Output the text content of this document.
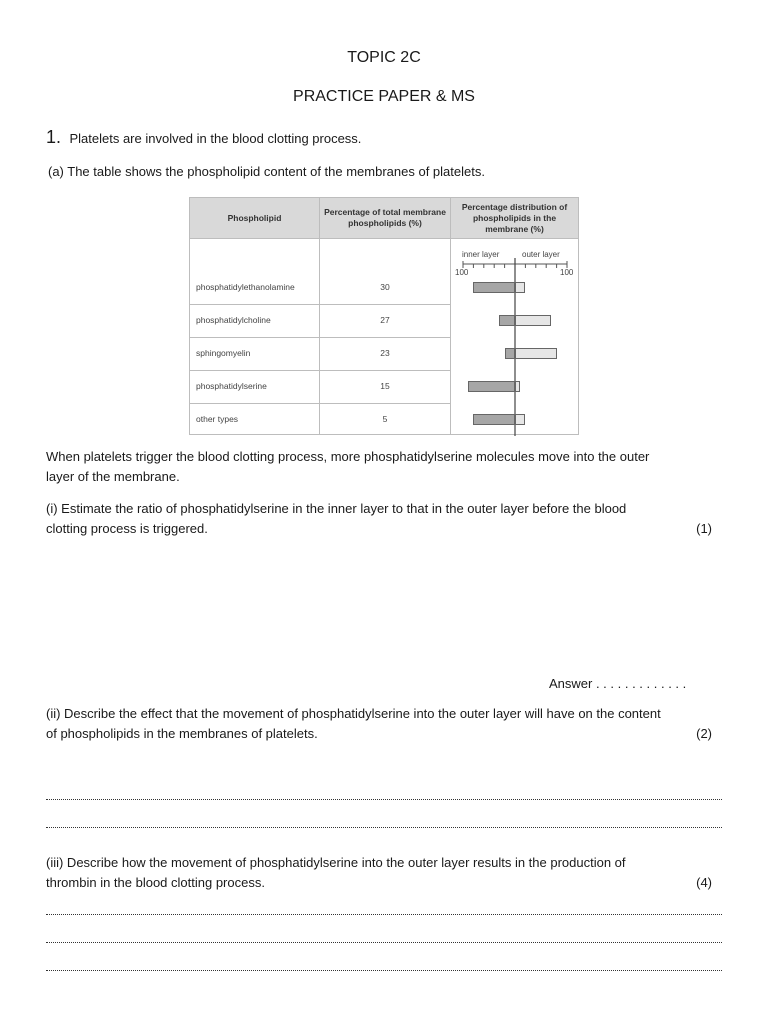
TOPIC 2C
PRACTICE PAPER & MS
1. Platelets are involved in the blood clotting process.
(a) The table shows the phospholipid content of the membranes of platelets.
Phospholipid
Percentage of total membrane phospholipids (%)
Percentage distribution of phospholipids in the membrane (%)
inner layer	outer layer
100	100
phosphatidylethanolamine	30
phosphatidylcholine	27
sphingomyelin	23
phosphatidylserine	15
other types	5
When platelets trigger the blood clotting process, more phosphatidylserine molecules move into the outer
layer of the membrane.
(i) Estimate the ratio of phosphatidylserine in the inner layer to that in the outer layer before the blood
clotting process is triggered.	(1)
Answer . . . . . . . . . . . . .
(ii) Describe the effect that the movement of phosphatidylserine into the outer layer will have on the content
of phospholipids in the membranes of platelets.	(2)
(iii) Describe how the movement of phosphatidylserine into the outer layer results in the production of
thrombin in the blood clotting process.	(4)
